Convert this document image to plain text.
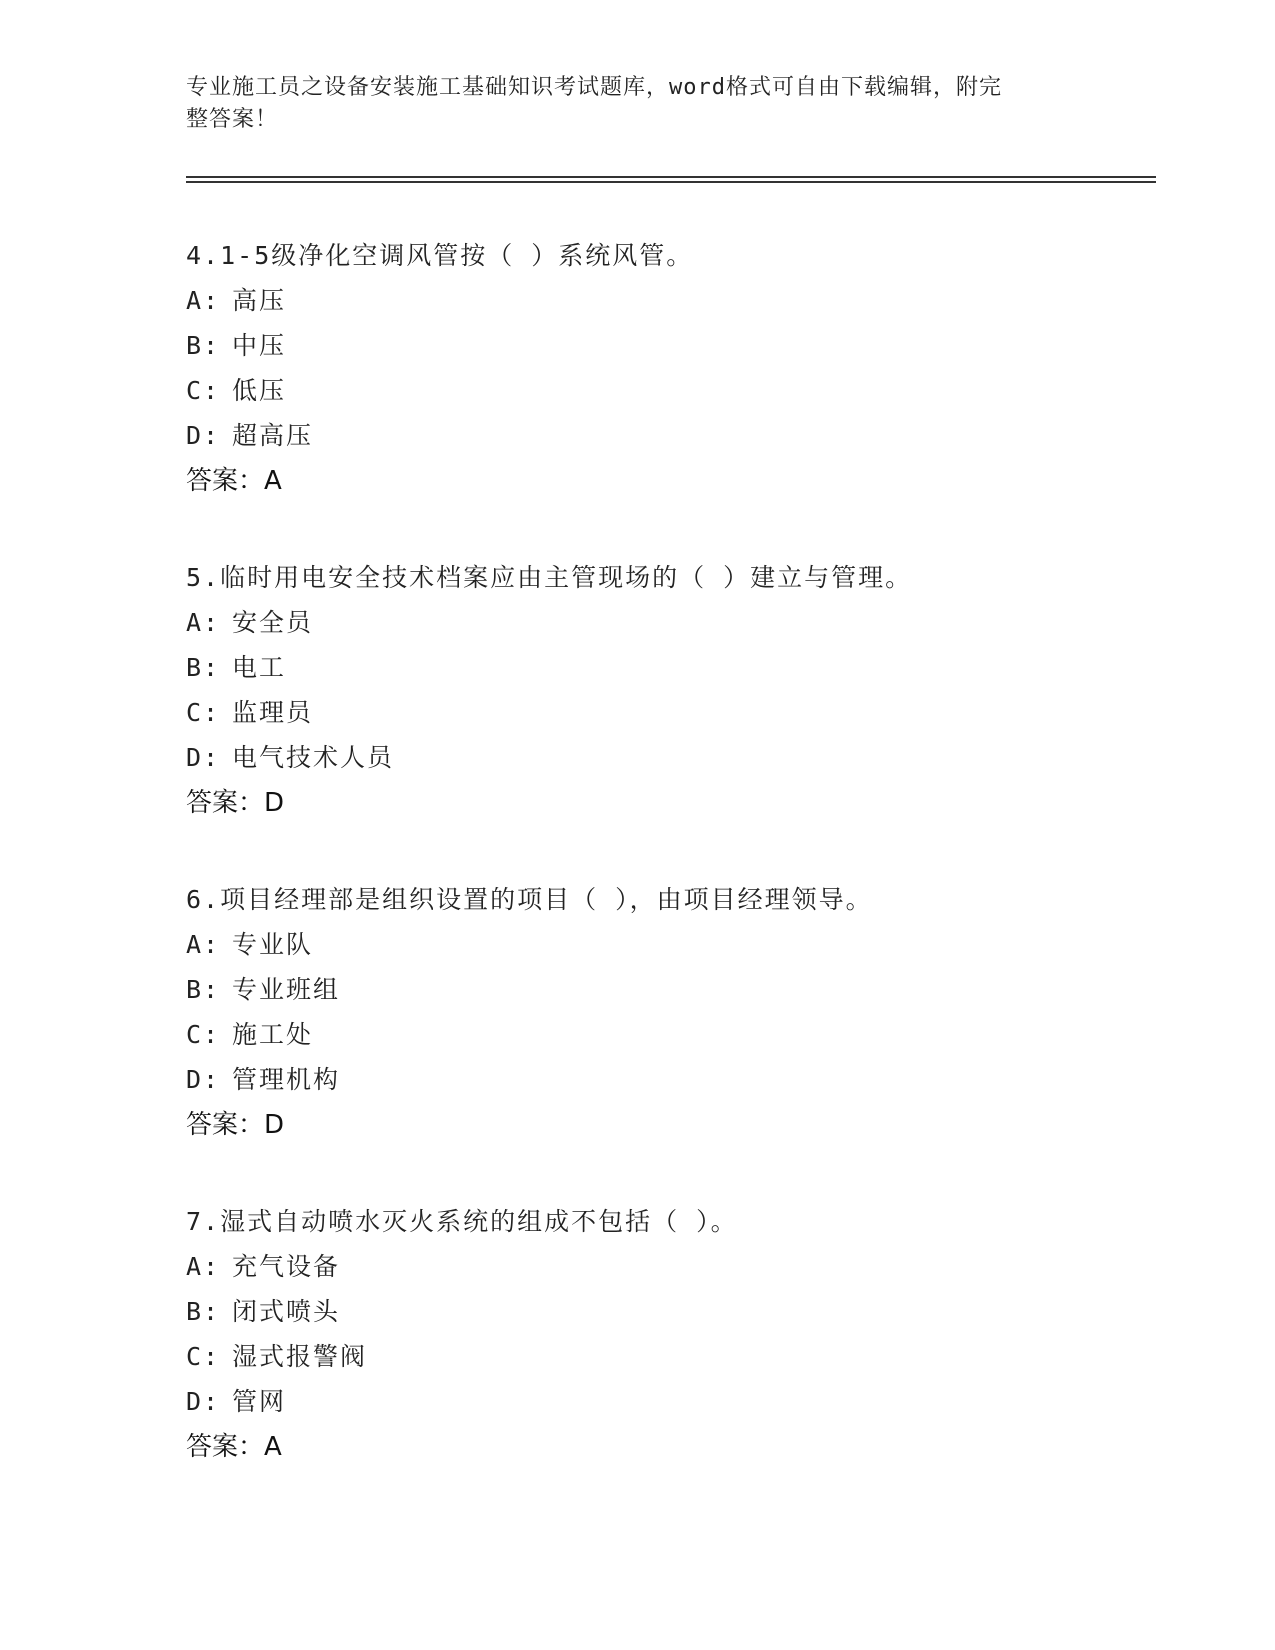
专业施工员之设备安装施工基础知识考试题库，word格式可自由下载编辑，附完
整答案！
4.1-5级净化空调风管按（ ）系统风管。
A: 高压
B: 中压
C: 低压
D: 超高压
答案：A
5.临时用电安全技术档案应由主管现场的（ ）建立与管理。
A: 安全员
B: 电工
C: 监理员
D: 电气技术人员
答案：D
6.项目经理部是组织设置的项目（ ），由项目经理领导。
A: 专业队
B: 专业班组
C: 施工处
D: 管理机构
答案：D
7.湿式自动喷水灭火系统的组成不包括（ ）。
A: 充气设备
B: 闭式喷头
C: 湿式报警阀
D: 管网
答案：A
